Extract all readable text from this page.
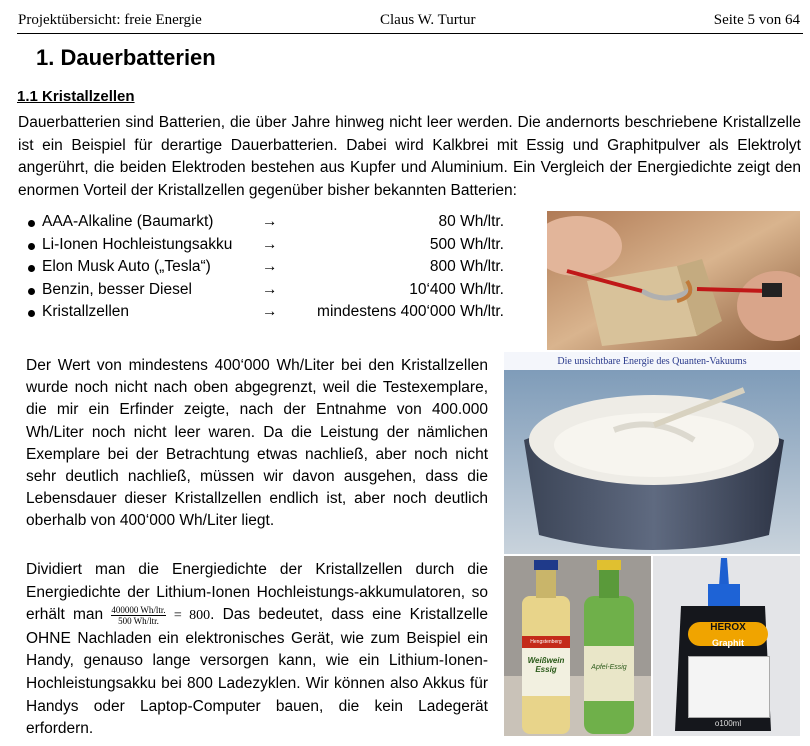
Projektübersicht: freie Energie	Claus W. Turtur	Seite 5 von 64
1. Dauerbatterien
1.1 Kristallzellen

Dauerbatterien sind Batterien, die über Jahre hinweg nicht leer werden. Die andernorts beschriebene Kristallzelle ist ein Beispiel für derartige Dauerbatterien. Dabei wird Kalkbrei mit Essig und Graphitpulver als Elektrolyt angerührt, die beiden Elektroden bestehen aus Kupfer und Aluminium. Ein Vergleich der Energiedichte zeigt den enormen Vorteil der Kristallzellen gegenüber bisher bekannten Batterien:

AAA-Alkaline (Baumarkt)	→	80 Wh/ltr.
Li-Ionen Hochleistungsakku →	500 Wh/ltr.
Elon Musk Auto („Tesla“)	→	800 Wh/ltr.
Benzin, besser Diesel	→	10‘400 Wh/ltr.
Kristallzellen	→	mindestens 400‘000 Wh/ltr.

Der Wert von mindestens 400‘000 Wh/Liter bei den Kristallzellen wurde noch nicht nach oben abgegrenzt, weil die Testexemplare, die mir ein Erfinder zeigte, nach der Entnahme von 400.000 Wh/Liter noch nicht leer waren. Da die Leistung der nämlichen Exemplare bei der Betrachtung etwas nachließ, aber noch nicht sehr deutlich nachließ, müssen wir davon ausgehen, dass die Lebensdauer dieser Kristallzellen endlich ist, aber noch deutlich oberhalb von 400‘000 Wh/Liter liegt.

Dividiert man die Energiedichte der Kristallzellen durch die Energiedichte der Lithium-Ionen Hochleistungs-akkumulatoren, so erhält man $\frac{\text{400000 Wh/ltr.}}{\text{500 Wh/ltr.}} = 800$. Das bedeutet, dass eine Kristallzelle OHNE Nachladen ein elektronisches Gerät, wie zum Beispiel ein Handy, genauso lange versorgen kann, wie ein Lithium-Ionen- Hochleistungsakku bei 800 Ladezyklen. Wir können also Akkus für Handys oder Laptop-Computer bauen, die kein Ladegerät erfordern.

Die unsichtbare Energie des Quanten-Vakuums
Hengstenberg
Weißwein Essig	Apfel-Essig
HEROX
Graphit
o100ml
